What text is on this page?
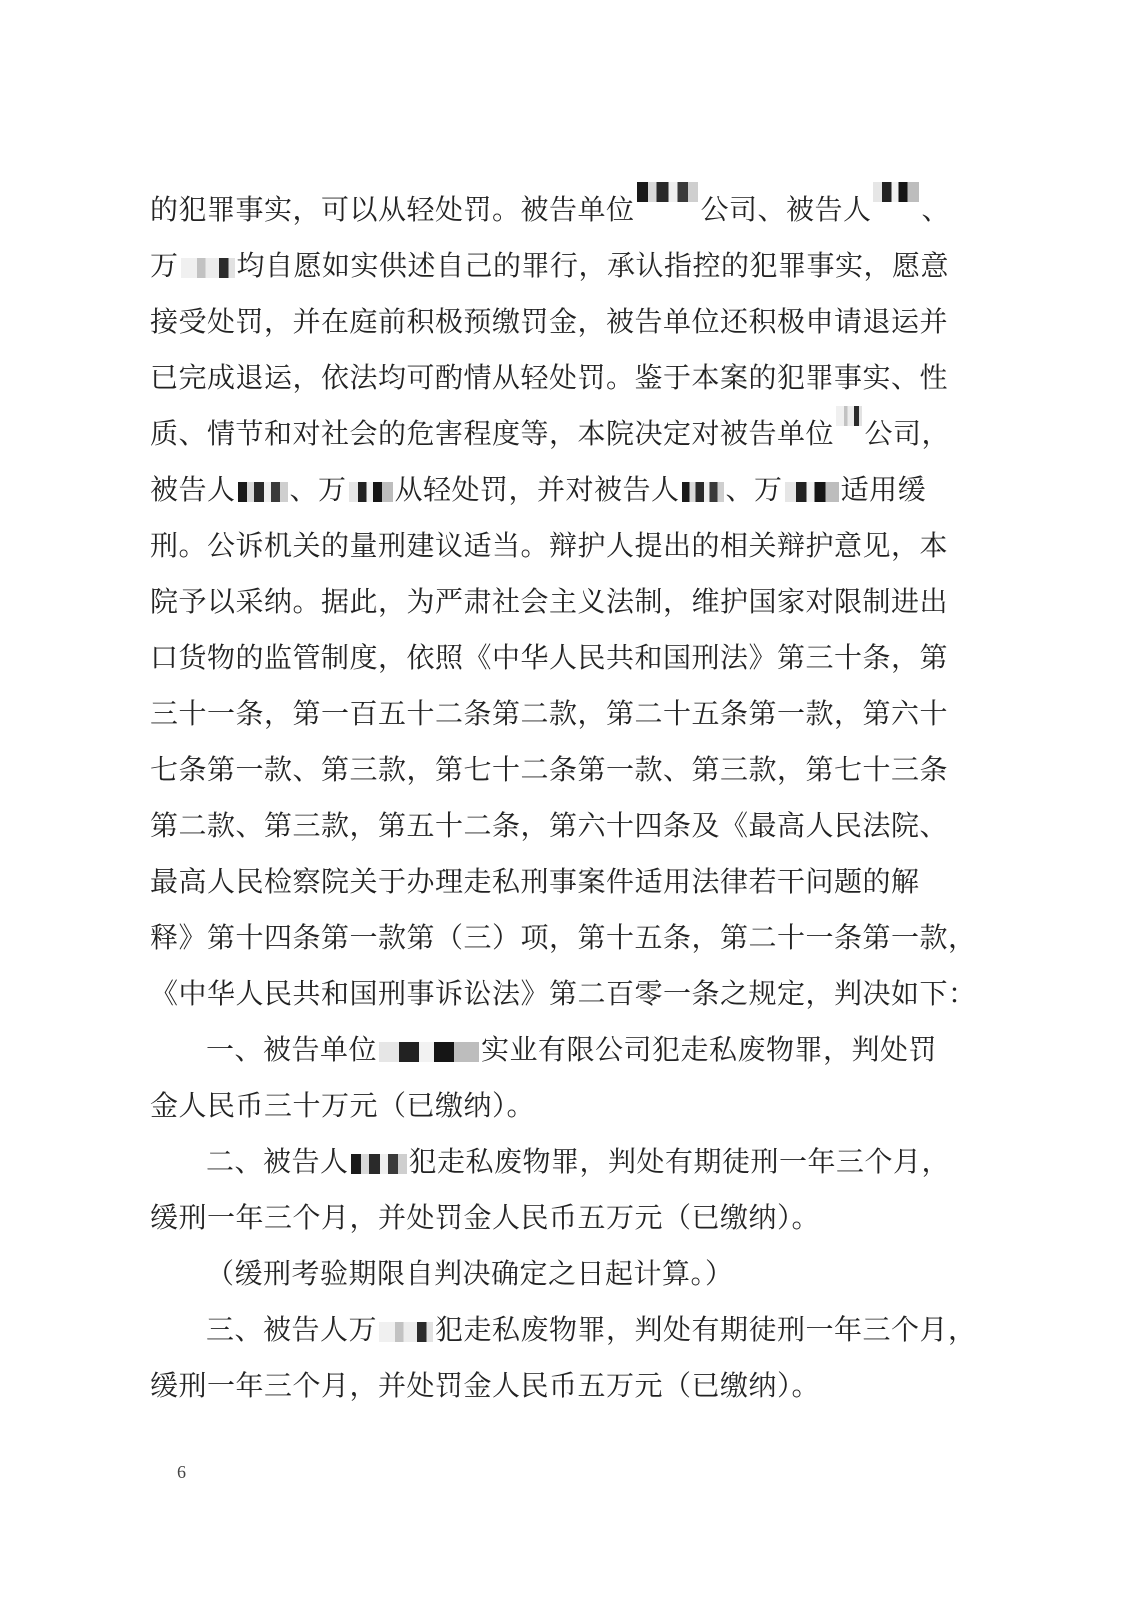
的犯罪事实，可以从轻处罚。被告单位 公司、被告人 、
万 均自愿如实供述自己的罪行，承认指控的犯罪事实，愿意
接受处罚，并在庭前积极预缴罚金，被告单位还积极申请退运并
已完成退运，依法均可酌情从轻处罚。鉴于本案的犯罪事实、性
质、情节和对社会的危害程度等，本院决定对被告单位 公司，
被告人 、万 从轻处罚，并对被告人 、万 适用缓
刑。公诉机关的量刑建议适当。辩护人提出的相关辩护意见，本
院予以采纳。据此，为严肃社会主义法制，维护国家对限制进出
口货物的监管制度，依照《中华人民共和国刑法》第三十条，第
三十一条，第一百五十二条第二款，第二十五条第一款，第六十
七条第一款、第三款，第七十二条第一款、第三款，第七十三条
第二款、第三款，第五十二条，第六十四条及《最高人民法院、
最高人民检察院关于办理走私刑事案件适用法律若干问题的解
释》第十四条第一款第（三）项，第十五条，第二十一条第一款，
《中华人民共和国刑事诉讼法》第二百零一条之规定，判决如下：
一、被告单位	实业有限公司犯走私废物罪，判处罚
金人民币三十万元（已缴纳）。
二、被告人 犯走私废物罪，判处有期徒刑一年三个月，
缓刑一年三个月，并处罚金人民币五万元（已缴纳）。
（缓刑考验期限自判决确定之日起计算。）
三、被告人万 犯走私废物罪，判处有期徒刑一年三个月，
缓刑一年三个月，并处罚金人民币五万元（已缴纳）。
6
